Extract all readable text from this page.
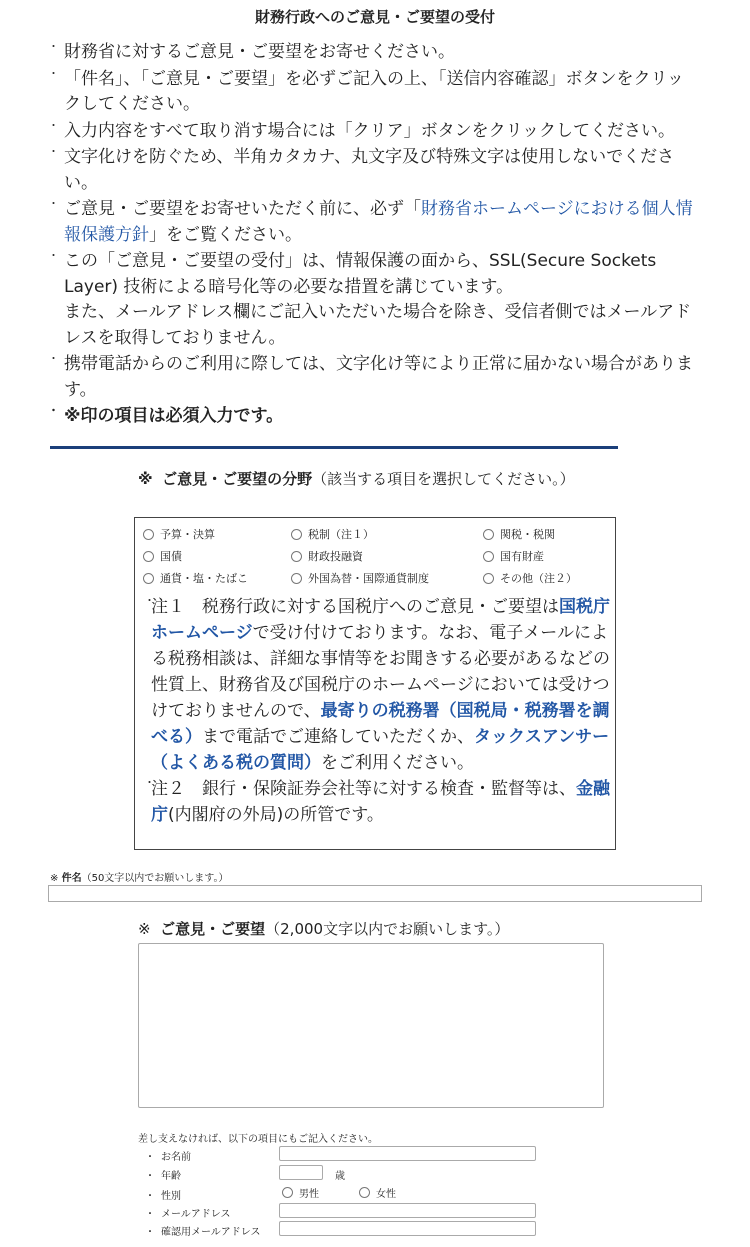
財務行政へのご意見・ご要望の受付
・ 財務省に対するご意見・ご要望をお寄せください。
・ 「件名」、「ご意見・ご要望」を必ずご記入の上、「送信内容確認」ボタンをクリックしてください。
・ 入力内容をすべて取り消す場合には「クリア」ボタンをクリックしてください。
・ 文字化けを防ぐため、半角カタカナ、丸文字及び特殊文字は使用しないでください。
・ ご意見・ご要望をお寄せいただく前に、必ず「財務省ホームページにおける個人情報保護方針」をご覧ください。
・ この「ご意見・ご要望の受付」は、情報保護の面から、SSL(Secure Sockets Layer) 技術による暗号化等の必要な措置を講じています。
また、メールアドレス欄にご記入いただいた場合を除き、受信者側ではメールアドレスを取得しておりません。
・ 携帯電話からのご利用に際しては、文字化け等により正常に届かない場合があります。
・ ※印の項目は必須入力です。
※ ご意見・ご要望の分野（該当する項目を選択してください。）
予算・決算	税制（注１）	関税・税関
国債	財政投融資	国有財産
通貨・塩・たばこ	外国為替・国際通貨制度	その他（注２）

・
注１　税務行政に対する国税庁へのご意見・ご要望は国税庁ホームページで受け付けております。なお、電子メールによる税務相談は、詳細な事情等をお聞きする必要があるなどの性質上、財務省及び国税庁のホームページにおいては受けつけておりませんので、最寄りの税務署（国税局・税務署を調べる）まで電話でご連絡していただくか、タックスアンサー（よくある税の質問）をご利用ください。

・
注２　銀行・保険証券会社等に対する検査・監督等は、金融庁(内閣府の外局)の所管です。

※ 件名（50文字以内でお願いします。）
※ ご意見・ご要望（2,000文字以内でお願いします。）
差し支えなければ、以下の項目にもご記入ください。
・ お名前
・ 年齢	歳
・ 性別	男性	女性
・ メールアドレス
・ 確認用メールアドレス
